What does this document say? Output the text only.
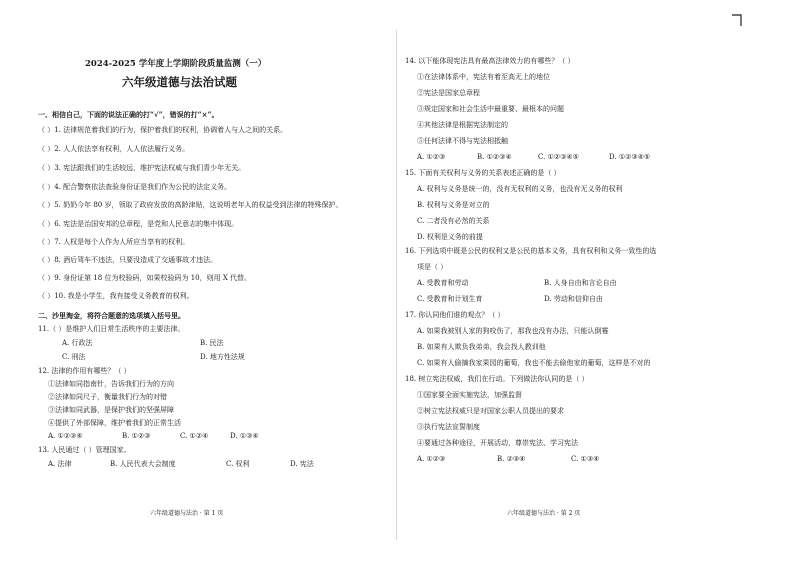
2024-2025 学年度上学期阶段质量监测（一）
六年级道德与法治试题
一、相信自己，下面的说法正确的打“√”，错误的打“×”。
（ ）1. 法律规范着我们的行为，保护着我们的权利，协调着人与人之间的关系。
（ ）2. 人人依法享有权利，人人依法履行义务。
（ ）3. 宪法跟我们的生活较远，维护宪法权威与我们青少年无关。
（ ）4. 配合警察依法查验身份证是我们作为公民的法定义务。
（ ）5. 奶奶今年 80 岁，领取了政府发放的高龄津贴，这说明老年人的权益受到法律的特殊保护。
（ ）6. 宪法是治国安邦的总章程，是党和人民意志的集中体现。
（ ）7. 人权是每个人作为人所应当享有的权利。
（ ）8. 酒后驾车不违法，只要没造成了交通事故才违法。
（ ）9. 身份证第 18 位为校验码，如果校验码为 10，则用 X 代替。
（ ）10. 我是小学生，我有接受义务教育的权利。
二、沙里淘金，将符合题意的选项填入括号里。
11.（ ）是维护人们日常生活秩序的主要法律。
A. 行政法	B. 民法
C. 刑法	D. 地方性法规
12. 法律的作用有哪些？（ ）
①法律如同指南针，告诉我们行为的方向
②法律如同尺子，衡量我们行为的对错
③法律如同武器，是保护我们的坚强屏障
④提供了外部保障，维护着我们的正常生活
A. ①②③④	B. ①②③	C. ①②④	D. ①③④
13. 人民通过（ ）管理国家。
A. 法律	B. 人民代表大会制度	C. 权利	D. 宪法
六年级道德与法治 · 第 1 页
14. 以下能体现宪法具有最高法律效力的有哪些？（ ）
①在法律体系中，宪法有着至高无上的地位
②宪法是国家总章程
③规定国家和社会生活中最重要、最根本的问题
④其他法律是根据宪法制定的
⑤任何法律不得与宪法相抵触
A. ①②③	B. ①②③④	C. ①②③④⑤	D. ①②③④⑤
15. 下面有关权利与义务的关系表述正确的是（ ）
A. 权利与义务是统一的，没有无权利的义务，也没有无义务的权利
B. 权利与义务是对立的
C. 二者没有必然的关系
D. 权利是义务的前提
16. 下列选项中既是公民的权利又是公民的基本义务，具有权利和义务一致性的选
项是（ ）
A. 受教育和劳动	B. 人身自由和言论自由
C. 受教育和计划生育	D. 劳动和信仰自由
17. 你认同他们谁的观点？（ ）
A. 如果我被别人家的狗咬伤了，那我也没有办法，只能认倒霉
B. 如果有人欺负我弟弟，我会找人教训他
C. 如果有人偷摘我家果园的葡萄，我也不能去偷他家的葡萄，这样是不对的
18. 树立宪法权威，我们在行动。下列做法你认同的是（ ）
①国家要全面实施宪法，加强监督
②树立宪法权威只是对国家公职人员提出的要求
③执行宪法宣誓制度
④要通过各种途径，开展活动，尊崇宪法、学习宪法
A. ①②③	B. ②③④	C. ①③④
六年级道德与法治 · 第 2 页
